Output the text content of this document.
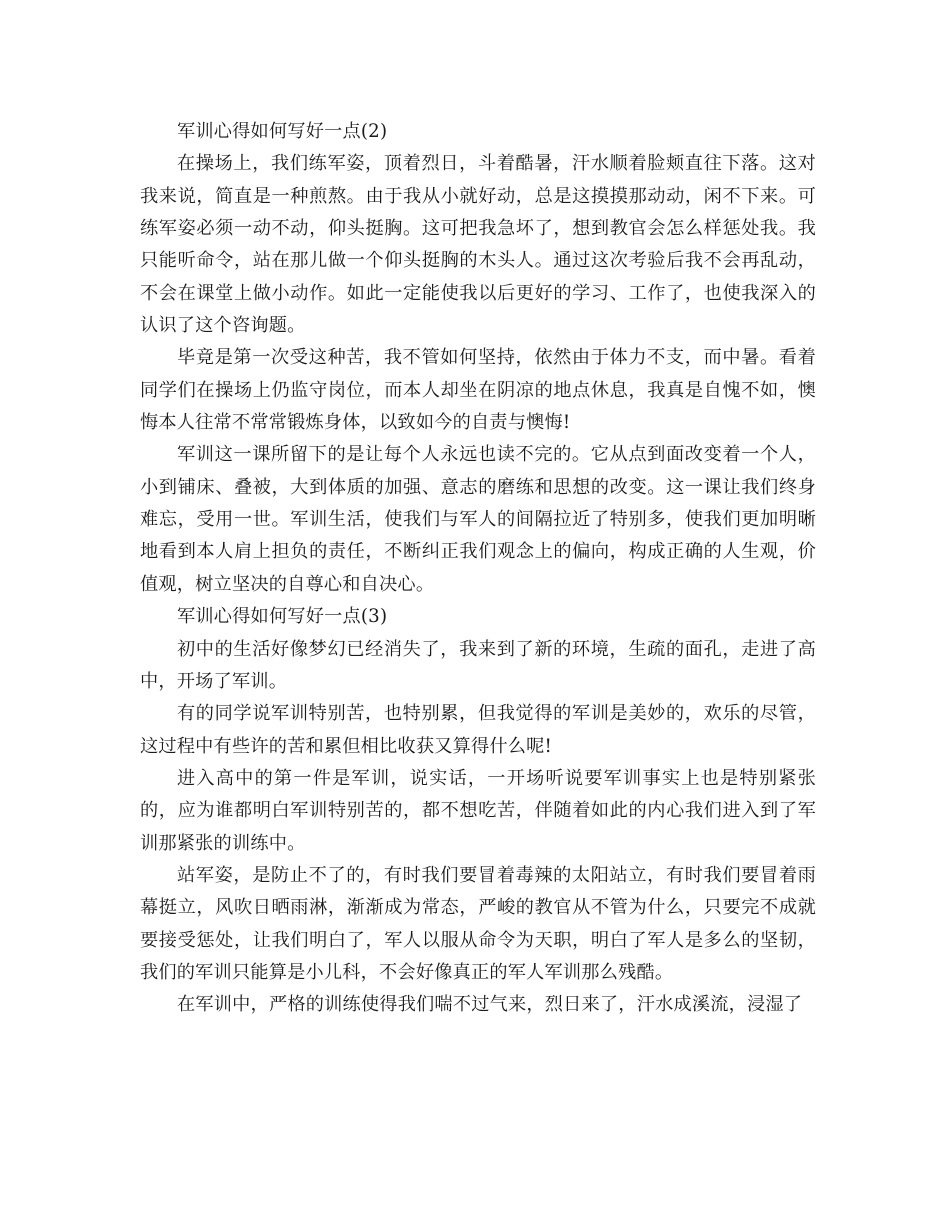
军训心得如何写好一点(2)

在操场上，我们练军姿，顶着烈日，斗着酷暑，汗水顺着脸颊直往下落。这对我来说，简直是一种煎熬。由于我从小就好动，总是这摸摸那动动，闲不下来。可练军姿必须一动不动，仰头挺胸。这可把我急坏了，想到教官会怎么样惩处我。我只能听命令，站在那儿做一个仰头挺胸的木头人。通过这次考验后我不会再乱动，不会在课堂上做小动作。如此一定能使我以后更好的学习、工作了，也使我深入的认识了这个咨询题。

毕竟是第一次受这种苦，我不管如何坚持，依然由于体力不支，而中暑。看着同学们在操场上仍监守岗位，而本人却坐在阴凉的地点休息，我真是自愧不如，懊悔本人往常不常常锻炼身体，以致如今的自责与懊悔!

军训这一课所留下的是让每个人永远也读不完的。它从点到面改变着一个人，小到铺床、叠被，大到体质的加强、意志的磨练和思想的改变。这一课让我们终身难忘，受用一世。军训生活，使我们与军人的间隔拉近了特别多，使我们更加明晰地看到本人肩上担负的责任，不断纠正我们观念上的偏向，构成正确的人生观，价值观，树立坚决的自尊心和自决心。

军训心得如何写好一点(3)

初中的生活好像梦幻已经消失了，我来到了新的环境，生疏的面孔，走进了高中，开场了军训。

有的同学说军训特别苦，也特别累，但我觉得的军训是美妙的，欢乐的尽管，这过程中有些许的苦和累但相比收获又算得什么呢!

进入高中的第一件是军训，说实话，一开场听说要军训事实上也是特别紧张的，应为谁都明白军训特别苦的，都不想吃苦，伴随着如此的内心我们进入到了军训那紧张的训练中。

站军姿，是防止不了的，有时我们要冒着毒辣的太阳站立，有时我们要冒着雨幕挺立，风吹日晒雨淋，渐渐成为常态，严峻的教官从不管为什么，只要完不成就要接受惩处，让我们明白了，军人以服从命令为天职，明白了军人是多么的坚韧，我们的军训只能算是小儿科，不会好像真正的军人军训那么残酷。

在军训中，严格的训练使得我们喘不过气来，烈日来了，汗水成溪流，浸湿了
